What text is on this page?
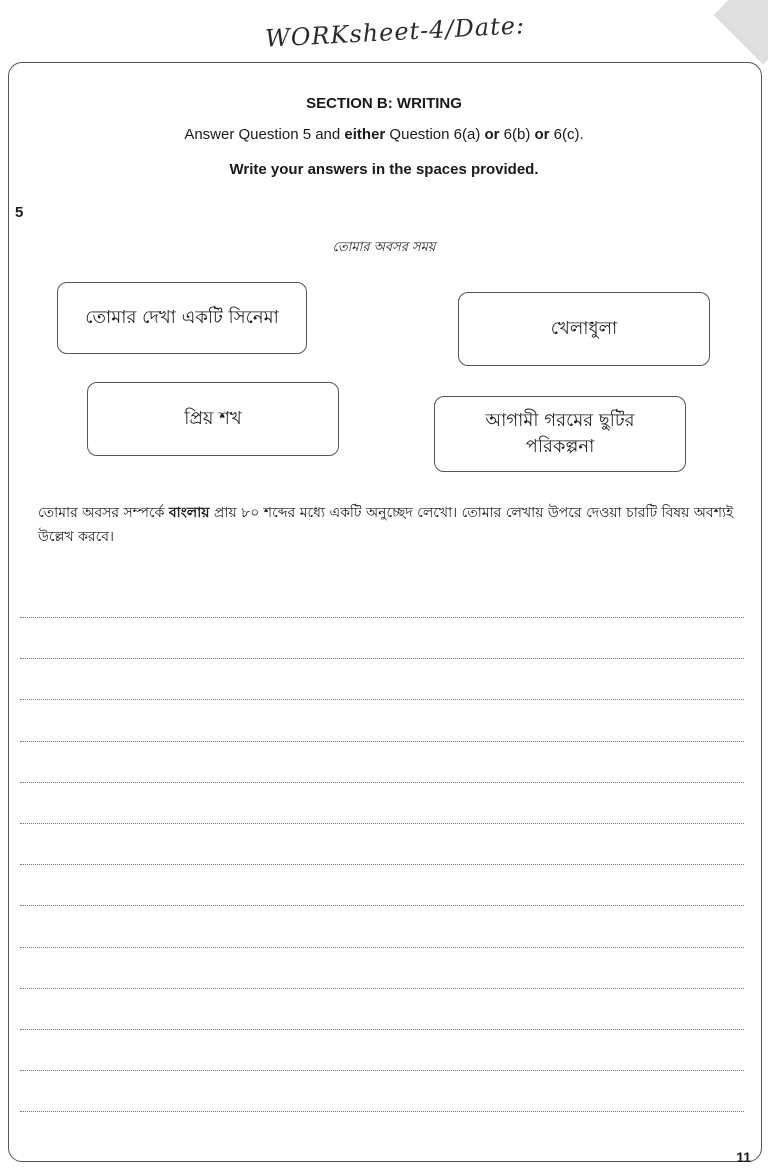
WORKsheet-4/Date:
11
SECTION B: WRITING
Answer Question 5 and either Question 6(a) or 6(b) or 6(c).
Write your answers in the spaces provided.
5
তোমার অবসর সময়
তোমার দেখা একটি সিনেমা
খেলাধুলা
প্রিয় শখ	আগামী গরমের ছুটির পরিকল্পনা
তোমার অবসর সম্পর্কে বাংলায় প্রায় ৮০ শব্দের মধ্যে একটি অনুচ্ছেদ লেখো। তোমার লেখায় উপরে দেওয়া চারটি বিষয় অবশ্যই উল্লেখ করবে।
